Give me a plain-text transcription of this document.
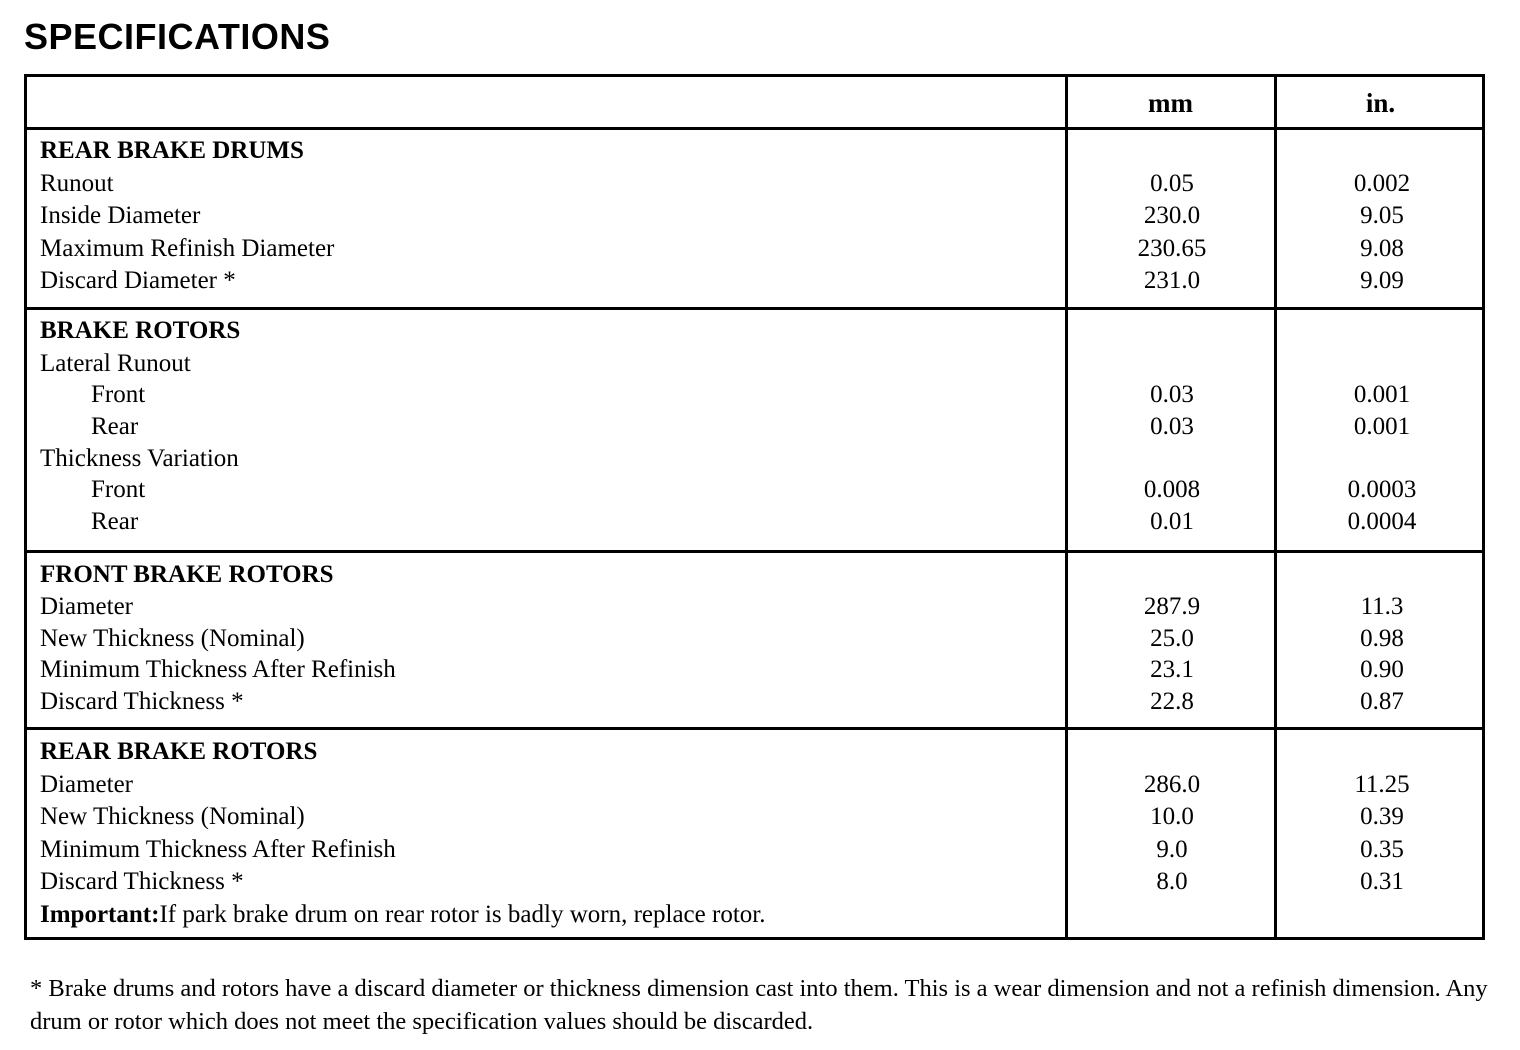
SPECIFICATIONS
mm	in.
REAR BRAKE DRUMS
Runout	0.05	0.002
Inside Diameter	230.0	9.05
Maximum Refinish Diameter	230.65	9.08
Discard Diameter *	231.0	9.09
BRAKE ROTORS
Lateral Runout
Front	0.03	0.001
Rear	0.03	0.001
Thickness Variation
Front	0.008	0.0003
Rear	0.01	0.0004
FRONT BRAKE ROTORS
Diameter	287.9	11.3
New Thickness (Nominal)	25.0	0.98
Minimum Thickness After Refinish	23.1	0.90
Discard Thickness *	22.8	0.87
REAR BRAKE ROTORS
Diameter	286.0	11.25
New Thickness (Nominal)	10.0	0.39
Minimum Thickness After Refinish	9.0	0.35
Discard Thickness *	8.0	0.31
Important:If park brake drum on rear rotor is badly worn, replace rotor.
* Brake drums and rotors have a discard diameter or thickness dimension cast into them. This is a wear dimension and not a refinish dimension. Any drum or rotor which does not meet the specification values should be discarded.
